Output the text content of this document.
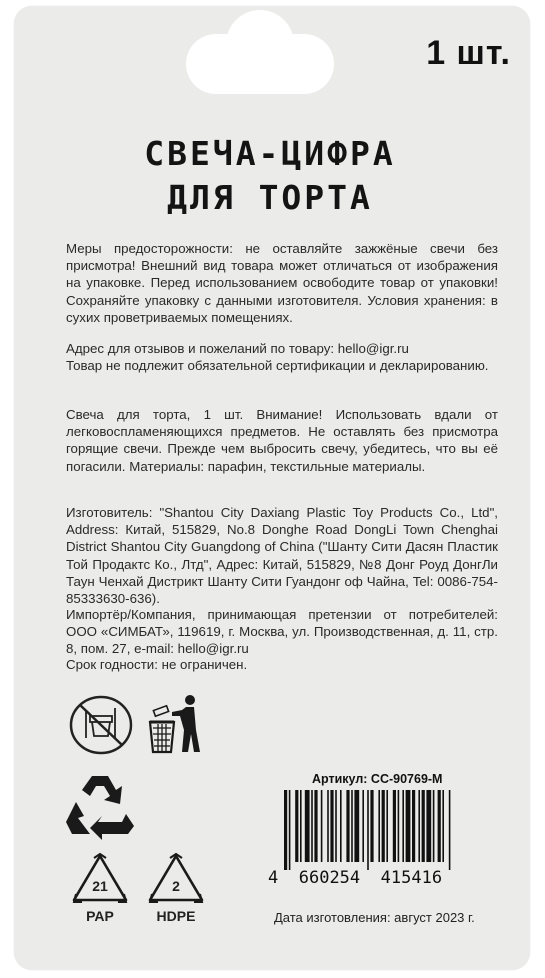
1 шт.
СВЕЧА-ЦИФРА
ДЛЯ ТОРТА

Меры предосторожности: не оставляйте зажжёные свечи без присмотра! Внешний вид товара может отличаться от изображения на упаковке. Перед использованием освободите товар от упаковки! Сохраняйте упаковку с данными изготовителя. Условия хранения: в сухих проветриваемых помещениях.

Адрес для отзывов и пожеланий по товару: hello@igr.ru

Товар не подлежит обязательной сертификации и декларированию.

Свеча для торта, 1 шт. Внимание! Использовать вдали от легковоспламеняющихся предметов. Не оставлять без присмотра горящие свечи. Прежде чем выбросить свечу, убедитесь, что вы её погасили. Материалы: парафин, текстильные материалы.

Изготовитель: "Shantou City Daxiang Plastic Toy Products Co., Ltd", Address: Китай, 515829, No.8 Donghe Road DongLi Town Chenghai District Shantou City Guangdong of China ("Шанту Сити Дасян Пластик Той Продактс Ко., Лтд", Адрес: Китай, 515829, №8 Донг Роуд ДонгЛи Таун Ченхай Дистрикт Шанту Сити Гуандонг оф Чайна, Tel: 0086-754-85333630-636).

Импортёр/Компания, принимающая претензии от потребителей: ООО «СИМБАТ», 119619, г. Москва, ул. Производственная, д. 11, стр. 8, пом. 27, e-mail: hello@igr.ru

Срок годности: не ограничен.

21
PAP
2
HDPE
Артикул: СС-90769-М
4 660254 415416
Дата изготовления: август 2023 г.
